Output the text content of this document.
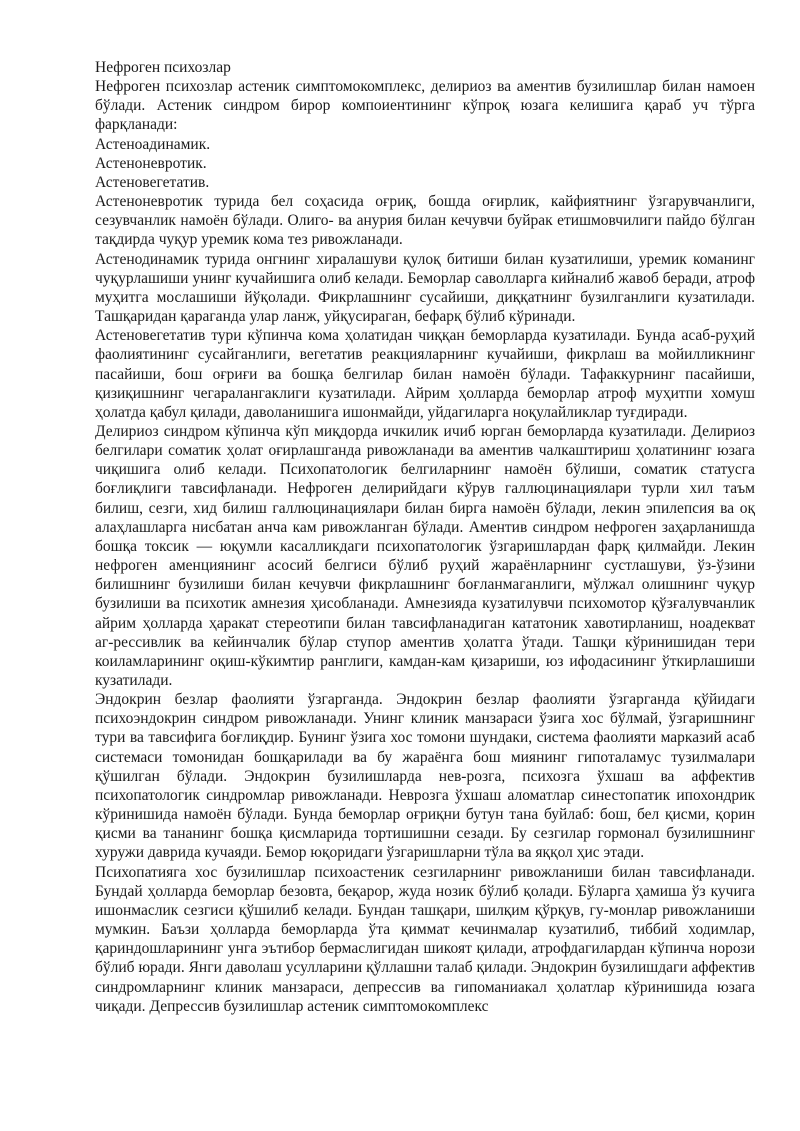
Нефроген психозлар

Нефроген психозлар астеник симптомокомплекс, делириоз ва аментив бузилишлар билан намоен бўлади. Астеник синдром бирор компоиентининг кўпроқ юзага келишига қараб уч тўрга фарқланади:

Астеноадинамик.

Астеноневротик.

Астеновегетатив.

Астеноневротик турида бел соҳасида оғриқ, бошда оғирлик, кайфиятнинг ўзгарувчанлиги, сезувчанлик намоён бўлади. Олиго- ва анурия билан кечувчи буйрак етишмовчилиги пайдо бўлган тақдирда чуқур уремик кома тез ривожланади.

Астенодинамик турида онгнинг хиралашуви қулоқ битиши билан кузатилиши, уремик команинг чуқурлашиши унинг кучайишига олиб келади. Беморлар саволларга кийналиб жавоб беради, атроф муҳитга мослашиши йўқолади. Фикрлашнинг сусайиши, диққатнинг бузилганлиги кузатилади. Ташқаридан қараганда улар ланж, уйқусираган, бефарқ бўлиб кўринади.

Астеновегетатив тури кўпинча кома ҳолатидан чиққан беморларда кузатилади. Бунда асаб-руҳий фаолиятининг сусайганлиги, вегетатив реакцияларнинг кучайиши, фикрлаш ва мойилликнинг пасайиши, бош оғриғи ва бошқа белгилар билан намоён бўлади. Тафаккурнинг пасайиши, қизиқишнинг чегаралангаклиги кузатилади. Айрим ҳолларда беморлар атроф муҳитпи хомуш ҳолатда қабул қилади, даволанишига ишонмайди, уйдагиларга ноқулайликлар туғдиради.

Делириоз синдром кўпинча кўп миқдорда ичкилик ичиб юрган беморларда кузатилади. Делириоз белгилари соматик ҳолат оғирлашганда ривожланади ва аментив чалкаштириш ҳолатининг юзага чиқишига олиб келади. Психопатологик белгиларнинг намоён бўлиши, соматик статусга боғлиқлиги тавсифланади. Нефроген делирийдаги кўрув галлюцинациялари турли хил таъм билиш, сезги, хид билиш галлюцинациялари билан бирга намоён бўлади, лекин эпилепсия ва оқ алаҳлашларга нисбатан анча кам ривожланган бўлади. Аментив синдром нефроген заҳарланишда бошқа токсик — юқумли касалликдаги психопатологик ўзгаришлардан фарқ қилмайди. Лекин нефроген аменциянинг асосий белгиси бўлиб руҳий жараёнларнинг сустлашуви, ўз-ўзини билишнинг бузилиши билан кечувчи фикрлашнинг боғланмаганлиги, мўлжал олишнинг чуқур бузилиши ва психотик амнезия ҳисобланади. Амнезияда кузатилувчи психомотор қўзғалувчанлик айрим ҳолларда ҳаракат стереотипи билан тавсифланадиган кататоник хавотирланиш, ноадекват аг-рессивлик ва кейинчалик бўлар ступор аментив ҳолатга ўтади. Ташқи кўринишидан тери коиламларининг оқиш-кўкимтир ранглиги, камдан-кам қизариши, юз ифодасининг ўткирлашиши кузатилади.

Эндокрин безлар фаолияти ўзгарганда. Эндокрин безлар фаолияти ўзгарганда қўйидаги психоэндокрин синдром ривожланади. Унинг клиник манзараси ўзига хос бўлмай, ўзгаришнинг тури ва тавсифига боғлиқдир. Бунинг ўзига хос томони шундаки, система фаолияти марказий асаб системаси томонидан бошқарилади ва бу жараёнга бош миянинг гипоталамус тузилмалари қўшилган бўлади. Эндокрин бузилишларда нев-розга, психозга ўхшаш ва аффектив психопатологик синдромлар ривожланади. Неврозга ўхшаш аломатлар синестопатик ипохондрик кўринишида намоён бўлади. Бунда беморлар оғриқни бутун тана буйлаб: бош, бел қисми, қорин қисми ва тананинг бошқа қисмларида тортишишни сезади. Бу сезгилар гормонал бузилишнинг хуружи даврида кучаяди. Бемор юқоридаги ўзгаришларни тўла ва яққол ҳис этади.

Психопатияга хос бузилишлар психоастеник сезгиларнинг ривожланиши билан тавсифланади. Бундай ҳолларда беморлар безовта, беқарор, жуда нозик бўлиб қолади. Бўларга ҳамиша ўз кучига ишонмаслик сезгиси қўшилиб келади. Бундан ташқари, шилқим қўрқув, гу-монлар ривожланиши мумкин. Баъзи ҳолларда беморларда ўта қиммат кечинмалар кузатилиб, тиббий ходимлар, қариндошларининг унга эътибор бермаслигидан шикоят қилади, атрофдагилардан кўпинча норози бўлиб юради. Янги даволаш усулларини қўллашни талаб қилади. Эндокрин бузилишдаги аффектив синдромларнинг клиник манзараси, депрессив ва гипоманиакал ҳолатлар кўринишида юзага чиқади. Депрессив бузилишлар астеник симптомокомплекс
